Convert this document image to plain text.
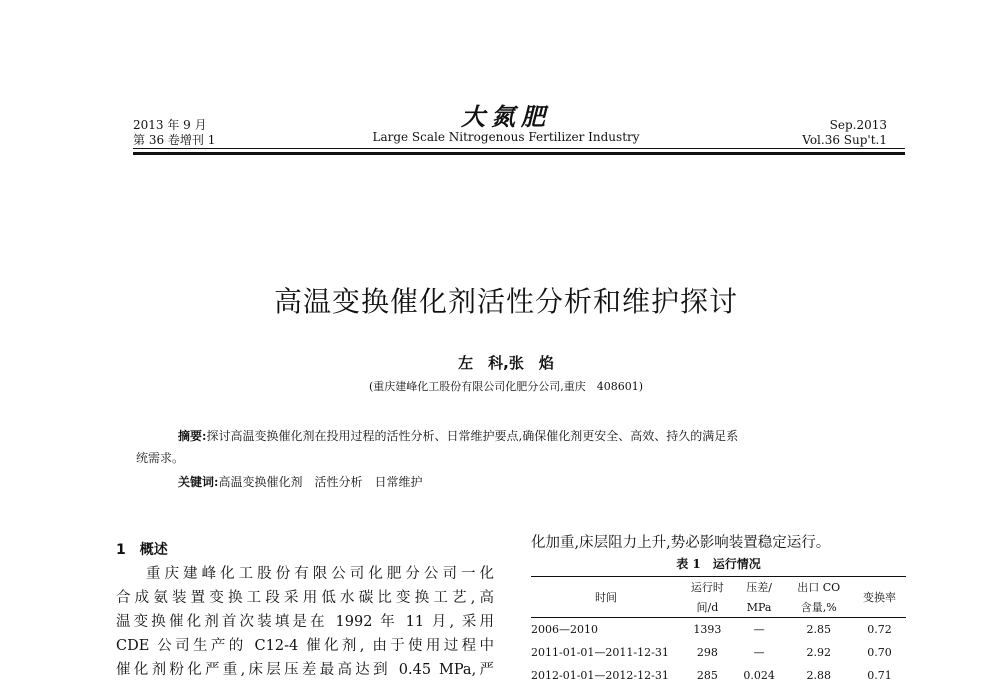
2013 年 9 月
第 36 卷增刊 1
大氮肥
Large Scale Nitrogenous Fertilizer Industry
Sep.2013
Vol.36 Sup't.1
高温变换催化剂活性分析和维护探讨
左　科,张　焰
(重庆建峰化工股份有限公司化肥分公司,重庆　408601)
摘要:探讨高温变换催化剂在投用过程的活性分析、日常维护要点,确保催化剂更安全、高效、持久的满足系
统需求。
关键词:高温变换催化剂　活性分析　日常维护
1　概述

重庆建峰化工股份有限公司化肥分公司一化

合成氨装置变换工段采用低水碳比变换工艺,高

温变换催化剂首次装填是在 1992 年 11 月, 采用

CDE 公司生产的 C12-4 催化剂, 由于使用过程中

催化剂粉化严重,床层压差最高达到 0.45 MPa,严

化加重,床层阻力上升,势必影响装置稳定运行。
表 1　运行情况
时间	运行时	压差/	出口 CO	变换率
	间/d	MPa	含量,%	
2006—2010	1393	—	2.85	0.72
2011-01-01—2011-12-31	298	—	2.92	0.70
2012-01-01—2012-12-31	285	0.024	2.88	0.71
